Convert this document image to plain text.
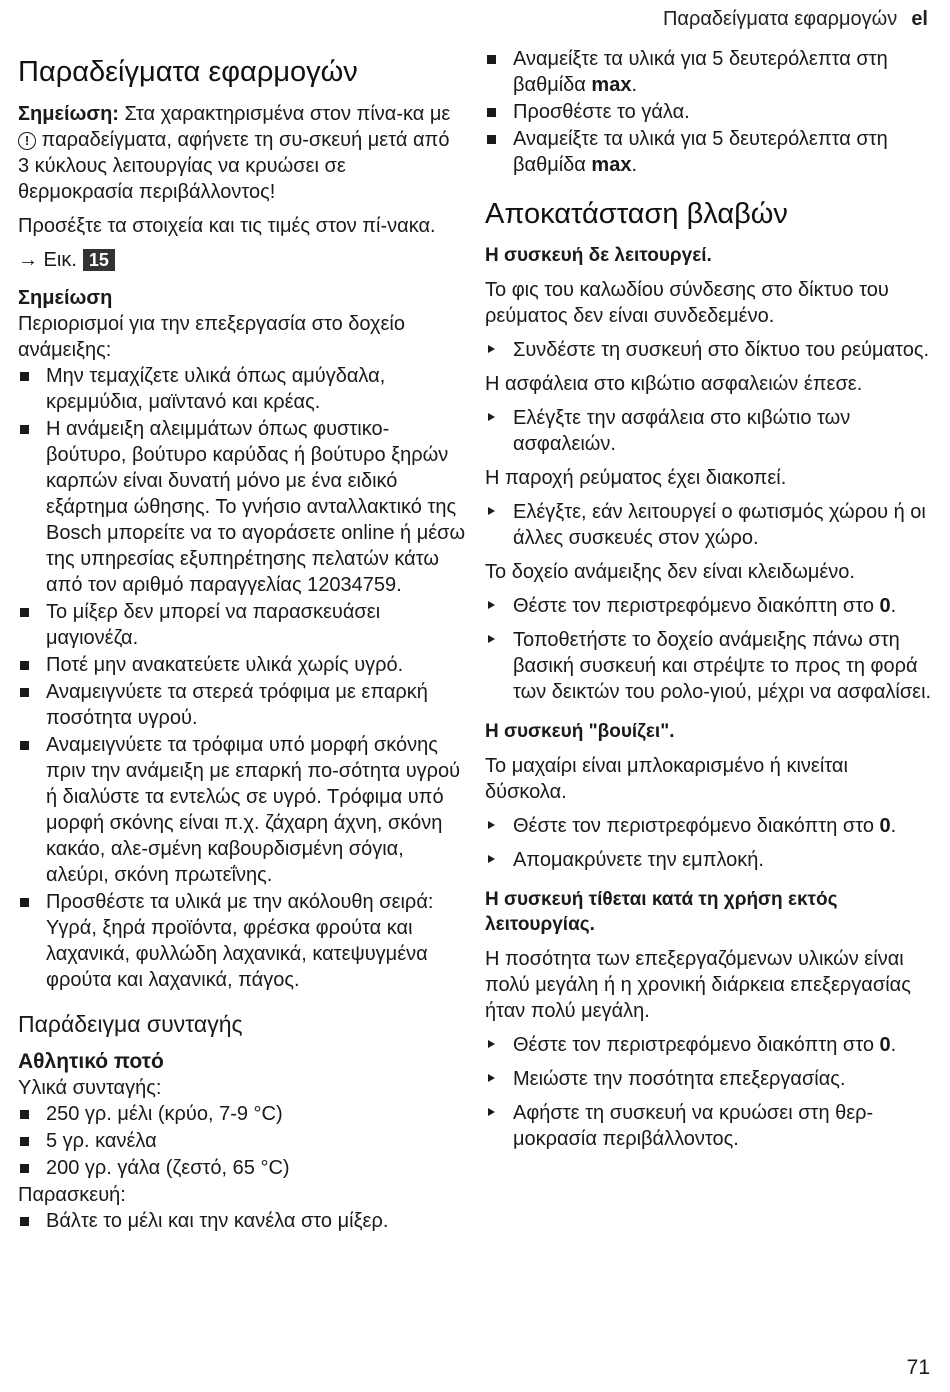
Παραδείγματα εφαρμογών el
Παραδείγματα εφαρμογών

Σημείωση: Στα χαρακτηρισμένα στον πίνα-κα με ! παραδείγματα, αφήνετε τη συ-σκευή μετά από 3 κύκλους λειτουργίας να κρυώσει σε θερμοκρασία περιβάλλοντος!

Προσέξτε τα στοιχεία και τις τιμές στον πί-νακα.

→ Εικ. 15

Σημείωση

Περιορισμοί για την επεξεργασία στο δοχείο ανάμειξης:

Μην τεμαχίζετε υλικά όπως αμύγδαλα, κρεμμύδια, μαϊντανό και κρέας.
Η ανάμειξη αλειμμάτων όπως φυστικο-βούτυρο, βούτυρο καρύδας ή βούτυρο ξηρών καρπών είναι δυνατή μόνο με ένα ειδικό εξάρτημα ώθησης. Το γνήσιο ανταλλακτικό της Bosch μπορείτε να το αγοράσετε online ή μέσω της υπηρεσίας εξυπηρέτησης πελατών κάτω από τον αριθμό παραγγελίας 12034759.
Το μίξερ δεν μπορεί να παρασκευάσει μαγιονέζα.
Ποτέ μην ανακατεύετε υλικά χωρίς υγρό.
Αναμειγνύετε τα στερεά τρόφιμα με επαρκή ποσότητα υγρού.
Αναμειγνύετε τα τρόφιμα υπό μορφή σκόνης πριν την ανάμειξη με επαρκή πο-σότητα υγρού ή διαλύστε τα εντελώς σε υγρό. Τρόφιμα υπό μορφή σκόνης είναι π.χ. ζάχαρη άχνη, σκόνη κακάο, αλε-σμένη καβουρδισμένη σόγια, αλεύρι, σκόνη πρωτεΐνης.
Προσθέστε τα υλικά με την ακόλουθη σειρά: Υγρά, ξηρά προϊόντα, φρέσκα φρούτα και λαχανικά, φυλλώδη λαχανικά, κατεψυγμένα φρούτα και λαχανικά, πάγος.
Παράδειγμα συνταγής

Αθλητικό ποτό

Υλικά συνταγής:

250 γρ. μέλι (κρύο, 7-9 °C)
5 γρ. κανέλα
200 γρ. γάλα (ζεστό, 65 °C)

Παρασκευή:

Βάλτε το μέλι και την κανέλα στο μίξερ.
Αναμείξτε τα υλικά για 5 δευτερόλεπτα στη βαθμίδα max.
Προσθέστε το γάλα.
Αναμείξτε τα υλικά για 5 δευτερόλεπτα στη βαθμίδα max.
Αποκατάσταση βλαβών
Η συσκευή δε λειτουργεί.

Το φις του καλωδίου σύνδεσης στο δίκτυο του ρεύματος δεν είναι συνδεδεμένο.

Συνδέστε τη συσκευή στο δίκτυο του ρεύματος.

Η ασφάλεια στο κιβώτιο ασφαλειών έπεσε.

Ελέγξτε την ασφάλεια στο κιβώτιο των ασφαλειών.

Η παροχή ρεύματος έχει διακοπεί.

Ελέγξτε, εάν λειτουργεί ο φωτισμός χώρου ή οι άλλες συσκευές στον χώρο.

Το δοχείο ανάμειξης δεν είναι κλειδωμένο.

Θέστε τον περιστρεφόμενο διακόπτη στο 0.
Τοποθετήστε το δοχείο ανάμειξης πάνω στη βασική συσκευή και στρέψτε το προς τη φορά των δεικτών του ρολο-γιού, μέχρι να ασφαλίσει.
Η συσκευή "βουίζει".

Το μαχαίρι είναι μπλοκαρισμένο ή κινείται δύσκολα.

Θέστε τον περιστρεφόμενο διακόπτη στο 0.
Απομακρύνετε την εμπλοκή.
Η συσκευή τίθεται κατά τη χρήση εκτός λειτουργίας.

Η ποσότητα των επεξεργαζόμενων υλικών είναι πολύ μεγάλη ή η χρονική διάρκεια επεξεργασίας ήταν πολύ μεγάλη.

Θέστε τον περιστρεφόμενο διακόπτη στο 0.
Μειώστε την ποσότητα επεξεργασίας.
Αφήστε τη συσκευή να κρυώσει στη θερ-μοκρασία περιβάλλοντος.
71
